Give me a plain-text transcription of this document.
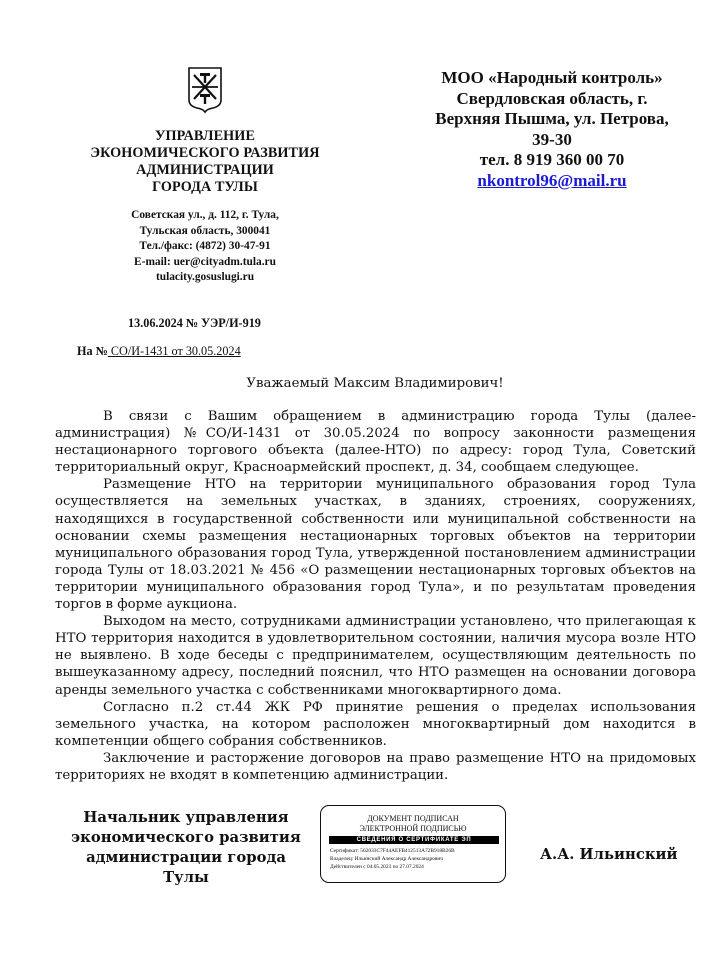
УПРАВЛЕНИЕ
ЭКОНОМИЧЕСКОГО РАЗВИТИЯ
АДМИНИСТРАЦИИ
ГОРОДА ТУЛЫ
Советская ул., д. 112, г. Тула,
Тульская область, 300041
Тел./факс: (4872) 30-47-91
E-mail: uer@cityadm.tula.ru
tulacity.gosuslugi.ru
МОО «Народный контроль»
Свердловская область, г.
Верхняя Пышма, ул. Петрова,
39-30
тел. 8 919 360 00 70
nkontrol96@mail.ru
13.06.2024 № УЭР/И-919
На № СО/И-1431 от 30.05.2024
Уважаемый Максим Владимирович!

В связи с Вашим обращением в администрацию города Тулы (далее-администрация) №СО/И-1431 от 30.05.2024 по вопросу законности размещения нестационарного торгового объекта (далее-НТО) по адресу: город Тула, Советский территориальный округ, Красноармейский проспект, д. 34, сообщаем следующее.

Размещение НТО на территории муниципального образования город Тула осуществляется на земельных участках, в зданиях, строениях, сооружениях, находящихся в государственной собственности или муниципальной собственности на основании схемы размещения нестационарных торговых объектов на территории муниципального образования город Тула, утвержденной постановлением администрации города Тулы от 18.03.2021 № 456 «О размещении нестационарных торговых объектов на территории муниципального образования город Тула», и по результатам проведения торгов в форме аукциона.

Выходом на место, сотрудниками администрации установлено, что прилегающая к НТО территория находится в удовлетворительном состоянии, наличия мусора возле НТО не выявлено. В ходе беседы с предпринимателем, осуществляющим деятельность по вышеуказанному адресу, последний пояснил, что НТО размещен на основании договора аренды земельного участка с собственниками многоквартирного дома.

Согласно п.2 ст.44 ЖК РФ принятие решения о пределах использования земельного участка, на котором расположен многоквартирный дом находится в компетенции общего собрания собственников.

Заключение и расторжение договоров на право размещение НТО на придомовых территориях не входят в компетенцию администрации.

Начальник управления
экономического развития
администрации города Тулы
ДОКУМЕНТ ПОДПИСАН
ЭЛЕКТРОННОЙ ПОДПИСЬЮ
СВЕДЕНИЯ О СЕРТИФИКАТЕ ЭП
Сертификат: 562033C7F44AEFB412513A72B918B26B
Владелец: Ильинский Александр Александрович
Действителен с 04.05.2023 по 27.07.2024
А.А. Ильинский
